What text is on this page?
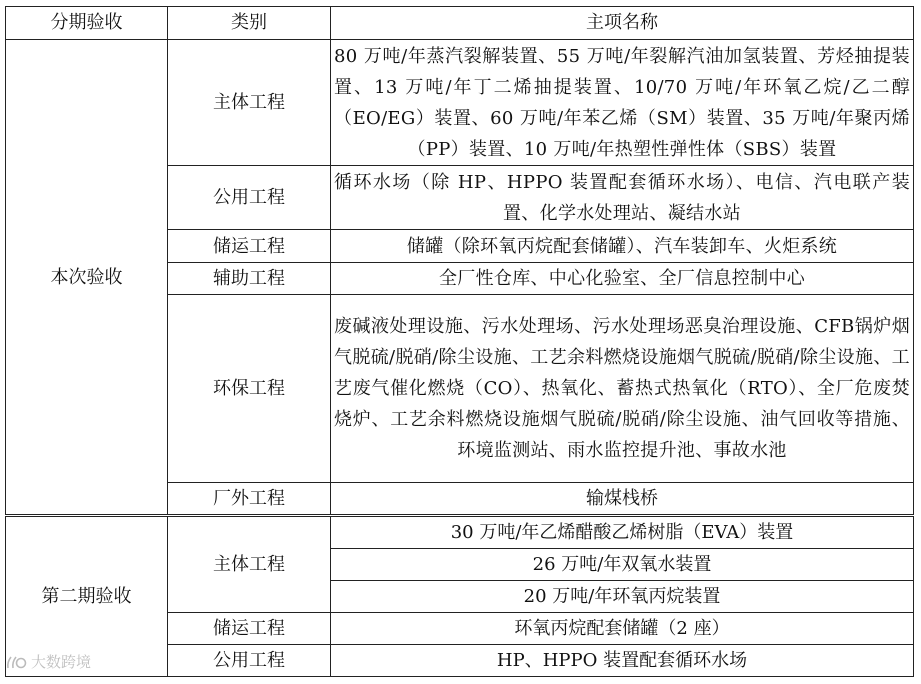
分期验收	类别	主项名称
本次验收	主体工程	80 万吨/年蒸汽裂解装置、55 万吨/年裂解汽油加氢装置、芳烃抽提装置、13 万吨/年丁二烯抽提装置、10/70 万吨/年环氧乙烷/乙二醇（EO/EG）装置、60 万吨/年苯乙烯（SM）装置、35 万吨/年聚丙烯（PP）装置、10 万吨/年热塑性弹性体（SBS）装置
	公用工程	循环水场（除 HP、HPPO 装置配套循环水场）、电信、汽电联产装置、化学水处理站、凝结水站
	储运工程	储罐（除环氧丙烷配套储罐）、汽车装卸车、火炬系统
	辅助工程	全厂性仓库、中心化验室、全厂信息控制中心
	环保工程	废碱液处理设施、污水处理场、污水处理场恶臭治理设施、CFB锅炉烟气脱硫/脱硝/除尘设施、工艺余料燃烧设施烟气脱硫/脱硝/除尘设施、工艺废气催化燃烧（CO）、热氧化、蓄热式热氧化（RTO）、全厂危废焚烧炉、工艺余料燃烧设施烟气脱硫/脱硝/除尘设施、油气回收等措施、环境监测站、雨水监控提升池、事故水池
	厂外工程	输煤栈桥
第二期验收	主体工程	30 万吨/年乙烯醋酸乙烯树脂（EVA）装置
		26 万吨/年双氧水装置
		20 万吨/年环氧丙烷装置
	储运工程	环氧丙烷配套储罐（2 座）
	公用工程	HP、HPPO 装置配套循环水场
大数跨境
